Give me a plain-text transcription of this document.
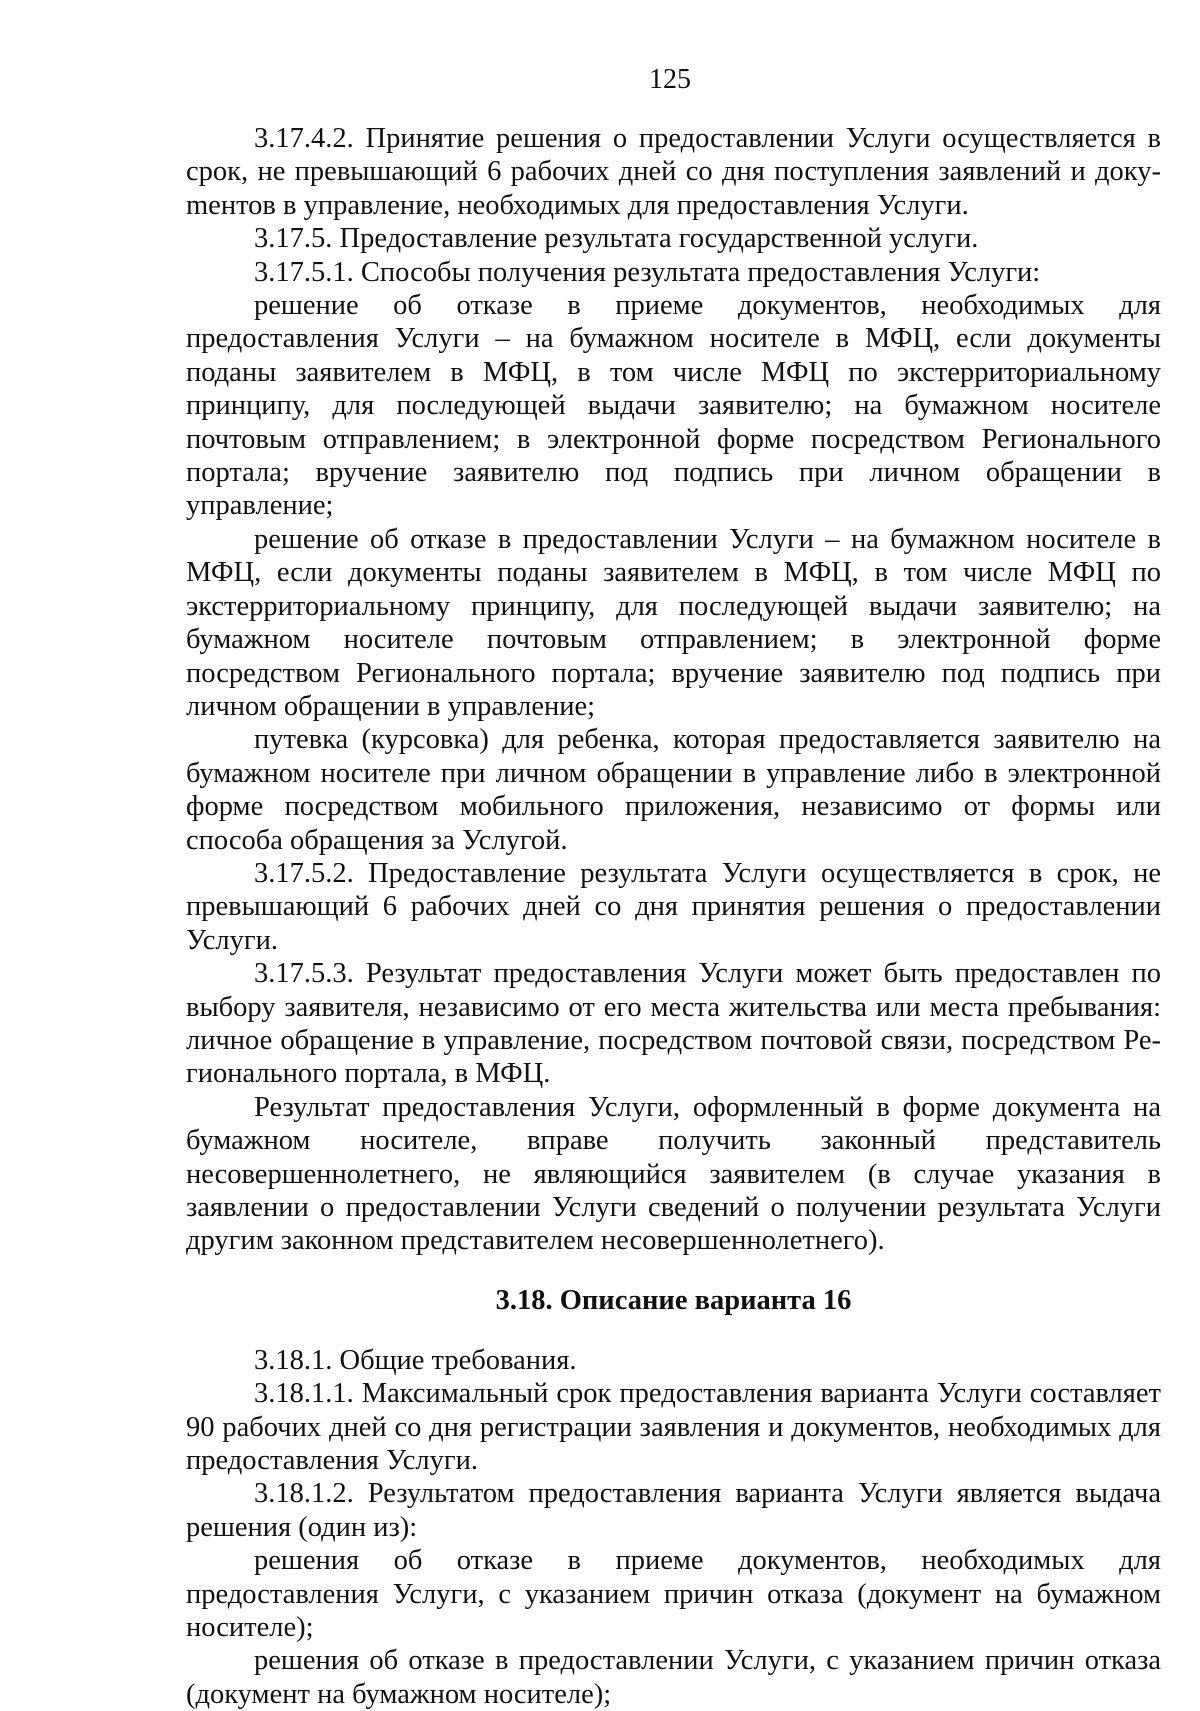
125

3.17.4.2. Принятие решения о предоставлении Услуги осуществляется в срок, не превышающий 6 рабочих дней со дня поступления заявлений и докуmентов в управление, необходимых для предоставления Услуги.

3.17.5. Предоставление результата государственной услуги.

3.17.5.1. Способы получения результата предоставления Услуги:

решение об отказе в приеме документов, необходимых для предоставления Услуги – на бумажном носителе в МФЦ, если документы поданы заявителем в МФЦ, в том числе МФЦ по экстерриториальному принципу, для последующей выдачи заявителю; на бумажном носителе почтовым отправлением; в электронной форме посредством Регионального портала; вручение заявителю под подпись при личном обращении в управление;

решение об отказе в предоставлении Услуги – на бумажном носителе в МФЦ, если документы поданы заявителем в МФЦ, в том числе МФЦ по экстерриториальному принципу, для последующей выдачи заявителю; на бумажном носителе почтовым отправлением; в электронной форме посредством Регионального портала; вручение заявителю под подпись при личном обращении в управление;

путевка (курсовка) для ребенка, которая предоставляется заявителю на бумажном носителе при личном обращении в управление либо в электронной форме посредством мобильного приложения, независимо от формы или способа обращения за Услугой.

3.17.5.2. Предоставление результата Услуги осуществляется в срок, не превышающий 6 рабочих дней со дня принятия решения о предоставлении Услуги.

3.17.5.3. Результат предоставления Услуги может быть предоставлен по выбору заявителя, независимо от его места жительства или места пребывания: личное обращение в управление, посредством почтовой связи, посредством Регионального портала, в МФЦ.

Результат предоставления Услуги, оформленный в форме документа на бумажном носителе, вправе получить законный представитель несовершеннолетнего, не являющийся заявителем (в случае указания в заявлении о предоставлении Услуги сведений о получении результата Услуги другим законном представителем несовершеннолетнего).

3.18. Описание варианта 16

3.18.1. Общие требования.

3.18.1.1. Максимальный срок предоставления варианта Услуги составляет 90 рабочих дней со дня регистрации заявления и документов, необходимых для предоставления Услуги.

3.18.1.2. Результатом предоставления варианта Услуги является выдача решения (один из):

решения об отказе в приеме документов, необходимых для предоставления Услуги, с указанием причин отказа (документ на бумажном носителе);

решения об отказе в предоставлении Услуги, с указанием причин отказа (документ на бумажном носителе);
